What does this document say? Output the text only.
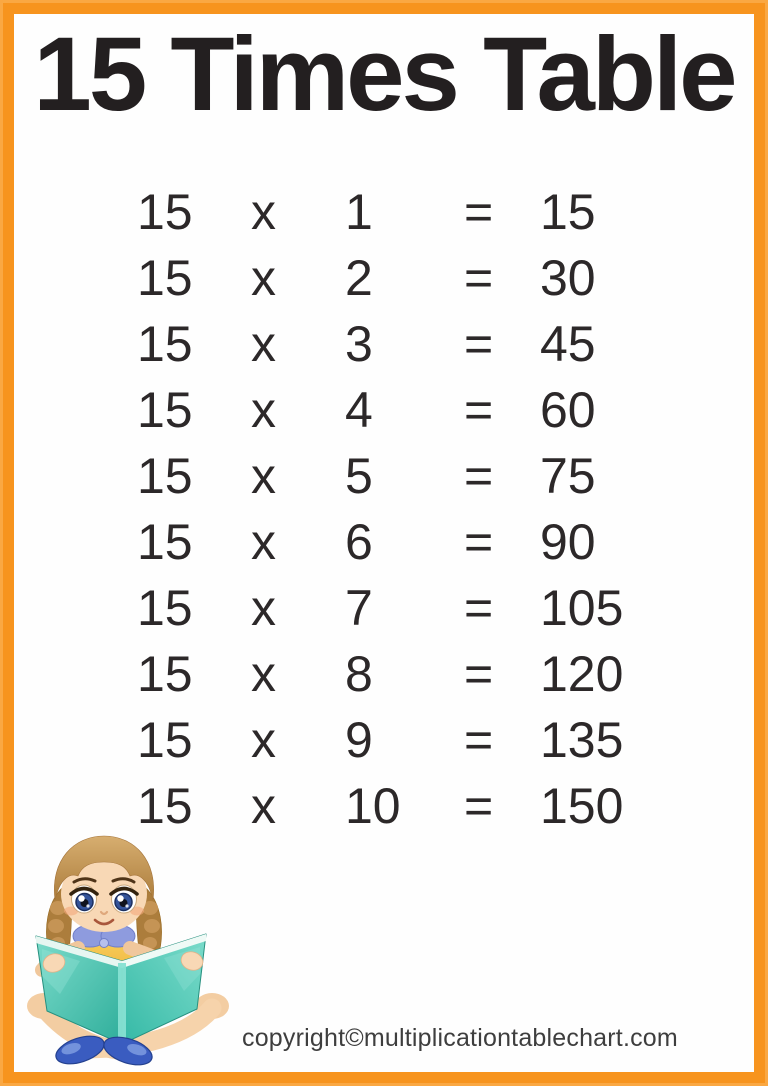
15 Times Table
15	x	1	= 15
15	x	2	= 30
15	x	3	= 45
15	x	4	= 60
15	x	5	= 75
15	x	6	= 90
15	x	7	= 105
15	x	8	= 120
15	x	9	= 135
15	x	10	= 150
copyright©multiplicationtablechart.com
